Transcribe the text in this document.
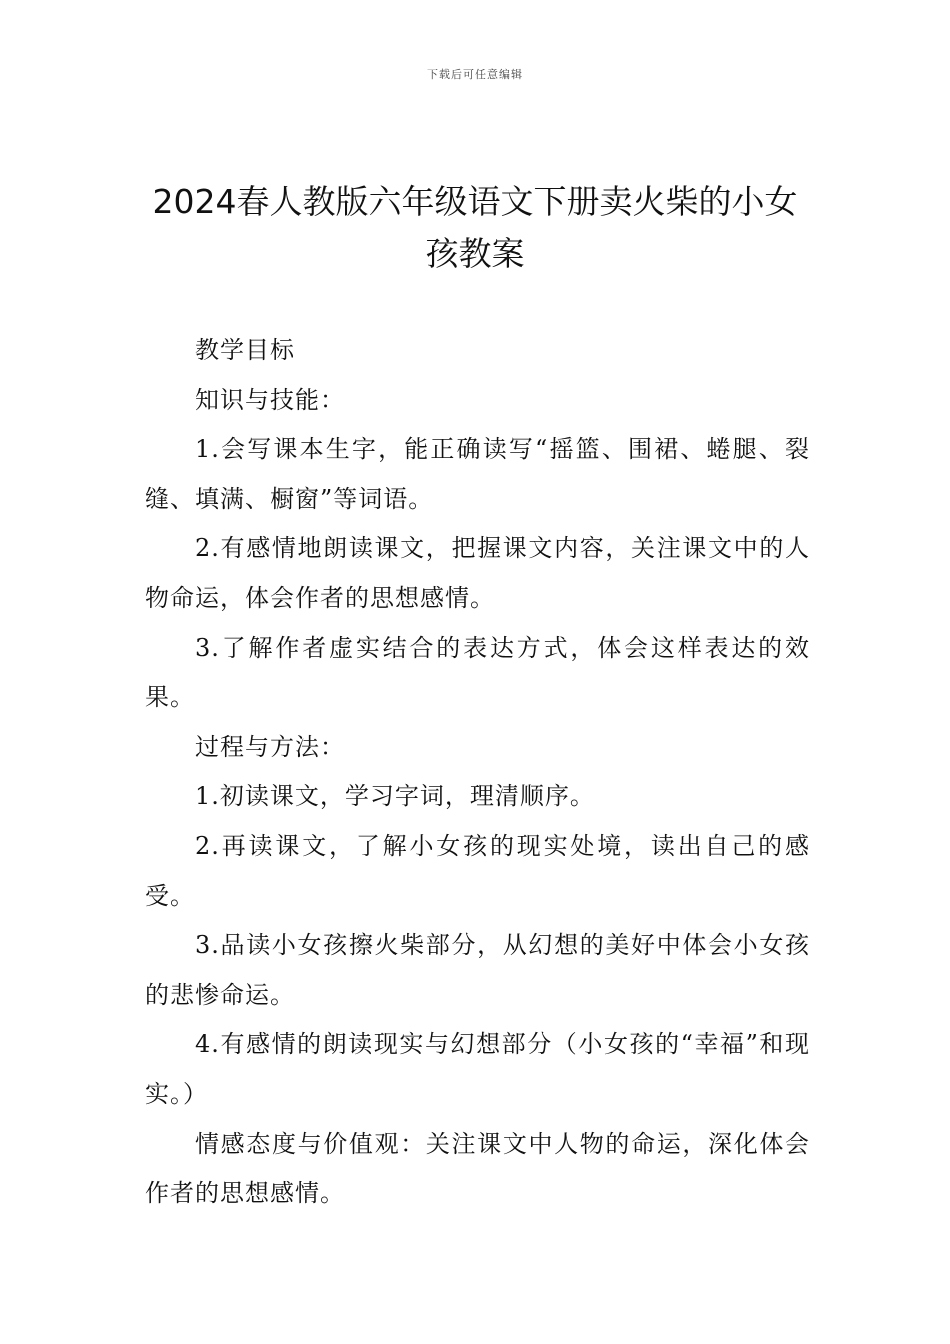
下载后可任意编辑
2024春人教版六年级语文下册卖火柴的小女孩教案

教学目标

知识与技能：

1.会写课本生字，能正确读写“摇篮、围裙、蜷腿、裂缝、填满、橱窗”等词语。

2.有感情地朗读课文，把握课文内容，关注课文中的人物命运，体会作者的思想感情。

3.了解作者虚实结合的表达方式，体会这样表达的效果。

过程与方法：

1.初读课文，学习字词，理清顺序。

2.再读课文，了解小女孩的现实处境，读出自己的感受。

3.品读小女孩擦火柴部分，从幻想的美好中体会小女孩的悲惨命运。

4.有感情的朗读现实与幻想部分（小女孩的“幸福”和现实。）

情感态度与价值观：关注课文中人物的命运，深化体会作者的思想感情。
